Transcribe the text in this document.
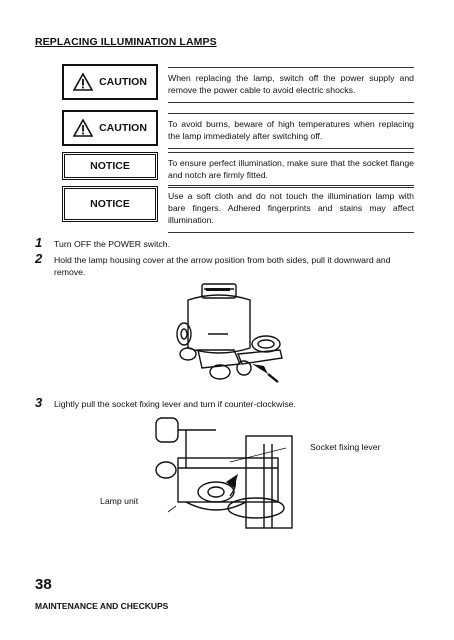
REPLACING ILLUMINATION LAMPS
CAUTION When replacing the lamp, switch off the power supply and remove the power cable to avoid electric shocks.
CAUTION To avoid burns, beware of high temperatures when replacing the lamp immediately after switching off.
NOTICE	To ensure perfect illumination, make sure that the socket flange and notch are firmly fitted.
NOTICE
Use a soft cloth and do not touch the illumination lamp with bare fingers. Adhered fingerprints and stains may affect illumination.
1 Turn OFF the POWER switch.
2 Hold the lamp housing cover at the arrow position from both sides, pull it downward and remove.
3 Lightly pull the socket fixing lever and turn if counter-clockwise.
Socket fixing lever
Lamp unit
38
MAINTENANCE AND CHECKUPS
